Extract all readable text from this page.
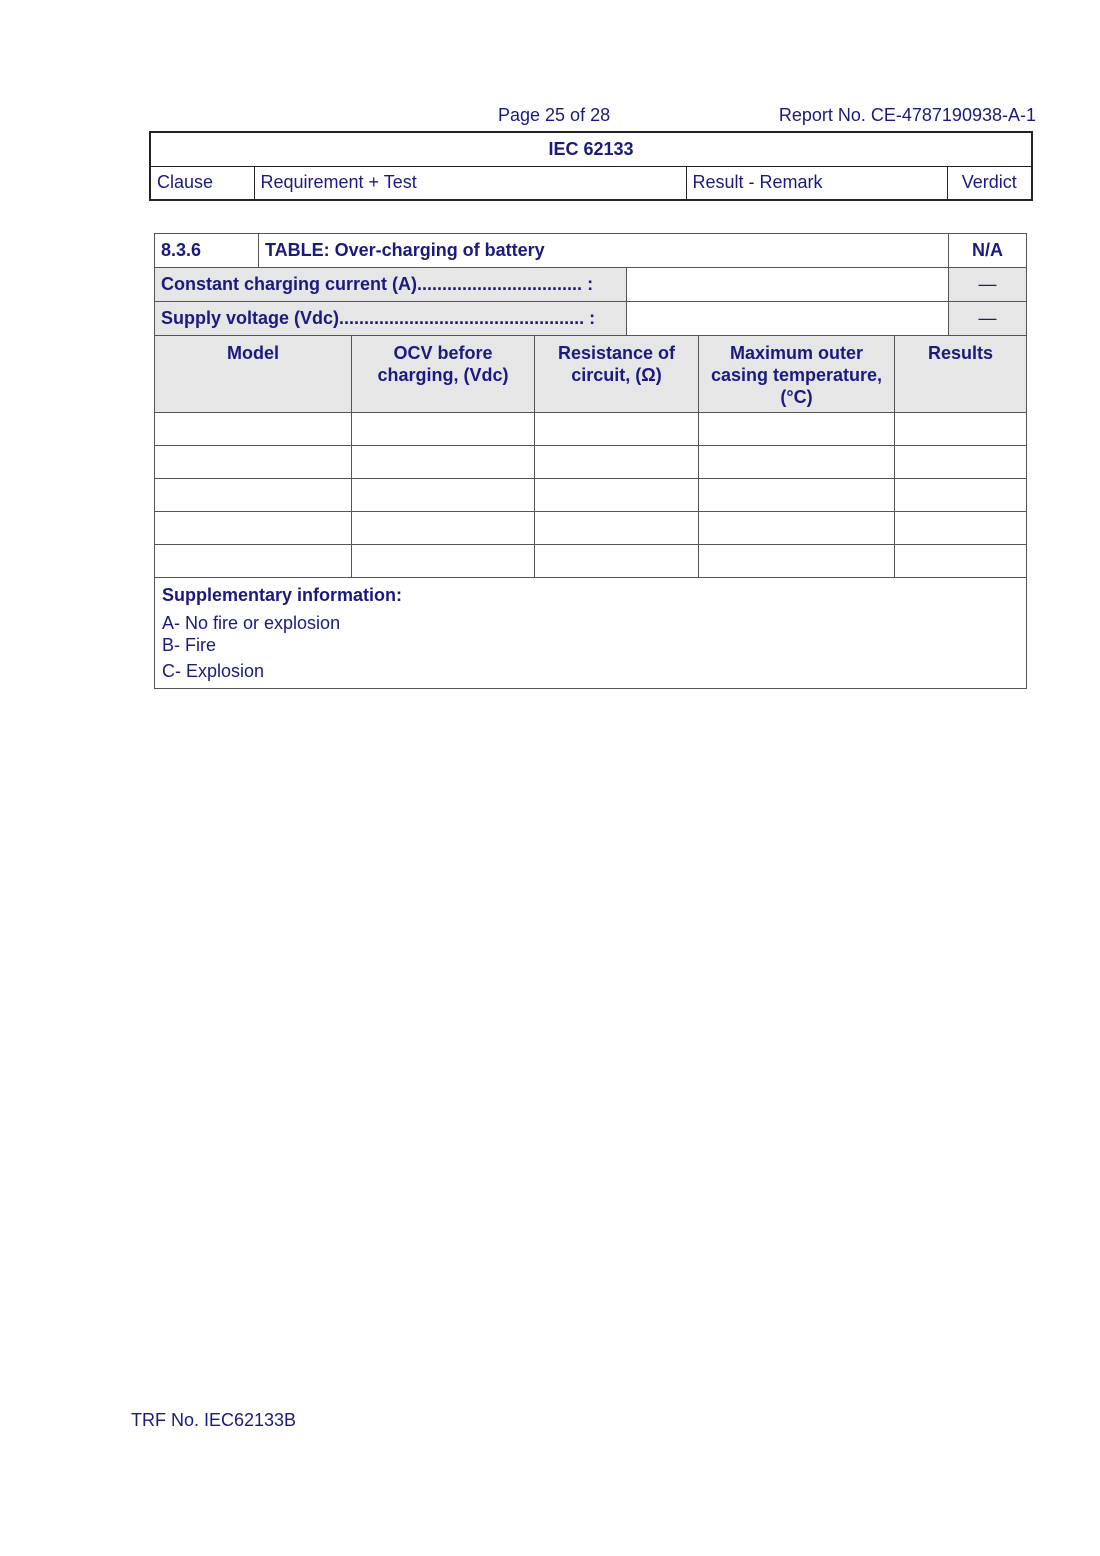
Page 25 of 28	Report No. CE-4787190938-A-1
IEC 62133
Clause	Requirement + Test	Result - Remark	Verdict
8.3.6	TABLE: Over-charging of battery						N/A
Constant charging current (A)................................. :							—
Supply voltage (Vdc)................................................. :							—
Model		OCV before charging, (Vdc)	Resistance of circuit, (Ω)		Maximum outer casing temperature, (°C)	Results	

Supplementary information:
A- No fire or explosion
B- Fire
C- Explosion							
TRF No. IEC62133B
